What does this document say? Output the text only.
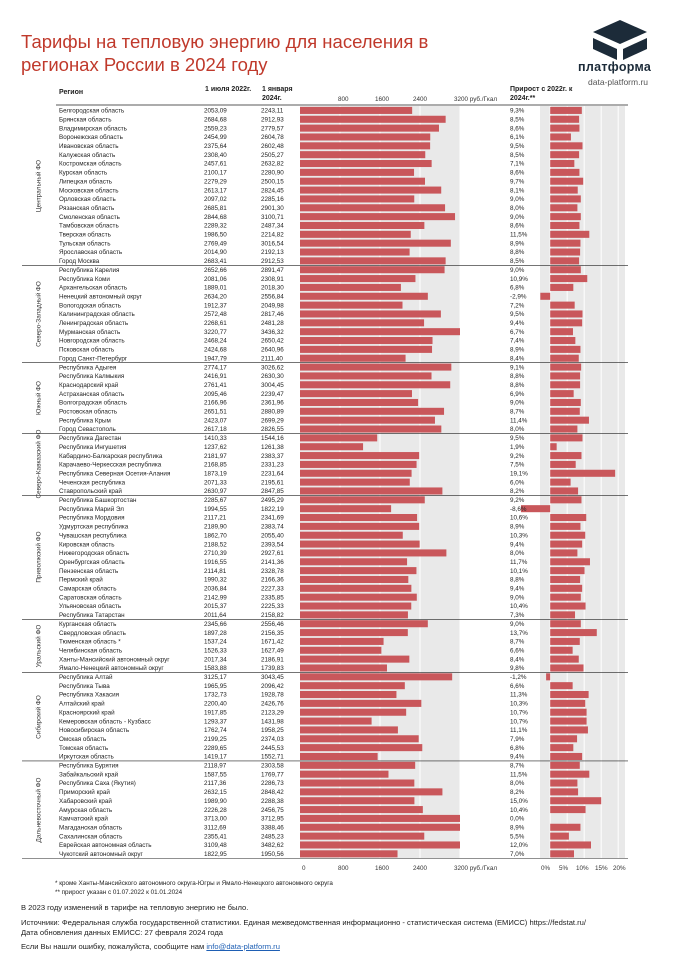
Тарифы на тепловую энергию для населения в регионах России в 2024 году	платформа
data-platform.ru
Регион	1 июля 2022г.	1 января 2024г.
Прирост с 2022г. к 2024г.**
800	1600	2400	3200 руб./Гкал
Белгородская область	2053,09	2243,11	9,3%
Брянская область	2684,68	2912,93	8,5%
Владимирская область	2559,23	2779,57	8,6%
Воронежская область	2454,99	2604,78	6,1%
Ивановская область	2375,64	2602,48	9,5%
Калужская область	2308,40	2505,27	8,5%
Костромская область	2457,61	2632,82	7,1%
Курская область	2100,17	2280,90	8,6%
Липецкая область	2279,29	2500,15	9,7%
Московская область	2613,17	2824,45	8,1%
Орловская область	2097,02	2285,16	9,0%
Рязанская область	2685,81	2901,30	8,0%
Смоленская область	2844,68	3100,71	9,0%
Тамбовская область	2289,32	2487,34	8,6%
Тверская область	1986,50	2214,82	11,5%
Тульская область	2769,49	3016,54	8,9%
Ярославская область	2014,90	2192,13	8,8%
Город Москва	2683,41	2912,53	8,5%
Республика Карелия	2652,66	2891,47	9,0%
Республика Коми	2081,06	2308,91	10,9%
Архангельская область	1889,01	2018,30	6,8%
Ненецкий автономный округ	2634,20	2556,84	-2,9%
Вологодская область	1912,37	2049,98	7,2%
Калининградская область	2572,48	2817,46	9,5%
Ленинградская область	2268,61	2481,28	9,4%
Мурманская область	3220,77	3436,32	6,7%
Новгородская область	2468,24	2650,42	7,4%
Псковская область	2424,68	2640,96	8,9%
Город Санкт-Петербург	1947,79	2111,40	8,4%
Республика Адыгея	2774,17	3026,62	9,1%
Республика Калмыкия	2416,91	2630,30	8,8%
Краснодарский край	2761,41	3004,45	8,8%
Астраханская область	2095,46	2239,47	6,9%
Волгоградская область	2166,96	2361,96	9,0%
Ростовская область	2651,51	2880,89	8,7%
Республика Крым	2423,07	2699,29	11,4%
Город Севастополь	2617,18	2826,55	8,0%
Республика Дагестан	1410,33	1544,16	9,5%
Республика Ингушетия	1237,62	1261,38	1,9%
Кабардино-Балкарская республика	2181,97	2383,37	9,2%
Карачаево-Черкесская республика	2168,85	2331,23	7,5%
Республика Северная Осетия-Алания	1873,19	2231,64	19,1%
Чеченская республика	2071,33	2195,61	6,0%
Ставропольский край	2630,97	2847,85	8,2%
Республика Башкортостан	2285,67	2495,29	9,2%
Республика Марий Эл	1994,55	1822,19	-8,6%
Республика Мордовия	2117,21	2341,69	10,6%
Удмуртская республика	2189,90	2383,74	8,9%
Чувашская республика	1862,70	2055,40	10,3%
Кировская область	2188,52	2393,54	9,4%
Нижегородская область	2710,39	2927,61	8,0%
Оренбургская область	1916,55	2141,36	11,7%
Пензенская область	2114,81	2328,78	10,1%
Пермский край	1990,32	2166,36	8,8%
Самарская область	2036,84	2227,33	9,4%
Саратовская область	2142,99	2335,85	9,0%
Ульяновская область	2015,37	2225,33	10,4%
Республика Татарстан	2011,64	2158,82	7,3%
Курганская область	2345,66	2556,46	9,0%
Свердловская область	1897,28	2156,35	13,7%
Тюменская область *	1537,24	1671,42	8,7%
Челябинская область	1526,33	1627,49	6,6%
Ханты-Мансийский автономный округ	2017,34	2186,91	8,4%
Ямало-Ненецкий автономный округ	1583,88	1739,83	9,8%
Республика Алтай	3125,17	3043,45	-1,2%
Республика Тыва	1965,95	2096,42	6,6%
Республика Хакасия	1732,73	1928,78	11,3%
Алтайский край	2200,40	2426,76	10,3%
Красноярский край	1917,85	2123,29	10,7%
Кемеровская область - Кузбасс	1293,37	1431,98	10,7%
Новосибирская область	1762,74	1958,25	11,1%
Омская область	2199,25	2374,03	7,9%
Томская область	2289,65	2445,53	6,8%
Иркутская область	1419,17	1552,71	9,4%
Республика Бурятия	2118,97	2303,58	8,7%
Забайкальский край	1587,55	1769,77	11,5%
Республика Саха (Якутия)	2117,36	2286,73	8,0%
Приморский край	2632,15	2848,42	8,2%
Хабаровский край	1989,90	2288,38	15,0%
Амурская область	2226,28	2456,75	10,4%
Камчатский край	3713,00	3712,95	0,0%
Магаданская область	3112,69	3388,46	8,9%
Сахалинская область	2355,41	2485,23	5,5%
Еврейская автономная область	3109,48	3482,62	12,0%
Чукотский автономный округ	1822,95	1950,56	7,0%
Центральный ФО
Северо-Западный ФО
Южный ФО
Северо-Кавказский ФО
Приволжский ФО
Уральский ФО
Сибирский ФО
Дальневосточный ФО
0	800	1600	2400	3200 руб./Гкал	0% 5% 10% 15% 20%
* кроме Ханты-Мансийского автономного округа-Югры и Ямало-Ненецкого автономного округа
** прирост указан с 01.07.2022 к 01.01.2024
В 2023 году изменений в тарифе на тепловую энергию не было.
Источники: Федеральная служба государственной статистики. Единая межведомственная информационно - статистическая система (ЕМИСС) https://fedstat.ru/
Дата обновления данных ЕМИСС: 27 февраля 2024 года
Если Вы нашли ошибку, пожалуйста, сообщите нам info@data-platform.ru
